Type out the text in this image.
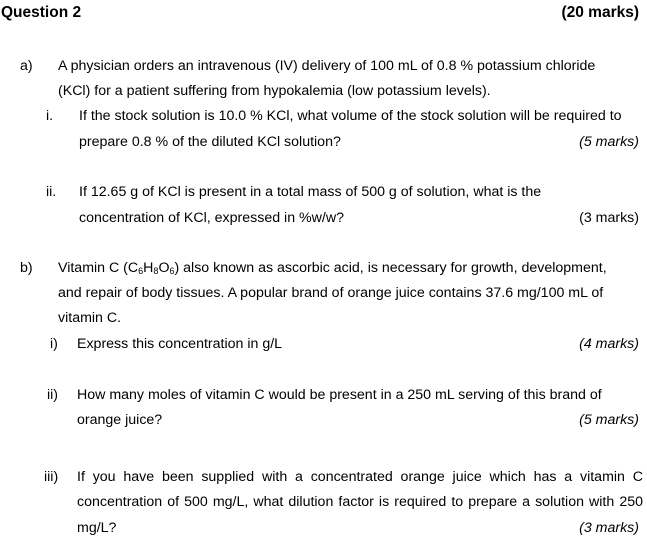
Question 2	(20 marks)
a) A physician orders an intravenous (IV) delivery of 100 mL of 0.8 % potassium chloride
(KCl) for a patient suffering from hypokalemia (low potassium levels).
i. If the stock solution is 10.0 % KCl, what volume of the stock solution will be required to
prepare 0.8 % of the diluted KCl solution?	(5 marks)
ii. If 12.65 g of KCl is present in a total mass of 500 g of solution, what is the
concentration of KCl, expressed in %w/w?	(3 marks)
b) Vitamin C $(C_6H_8O_6)$ also known as ascorbic acid, is necessary for growth, development,
and repair of body tissues. A popular brand of orange juice contains 37.6 mg/100 mL of
vitamin C.
i) Express this concentration in g/L	(4 marks)
ii) How many moles of vitamin C would be present in a 250 mL serving of this brand of
orange juice?	(5 marks)
iii) If you have been supplied with a concentrated orange juice which has a vitamin C
concentration of 500 mg/L, what dilution factor is required to prepare a solution with 250
mg/L?	(3 marks)
